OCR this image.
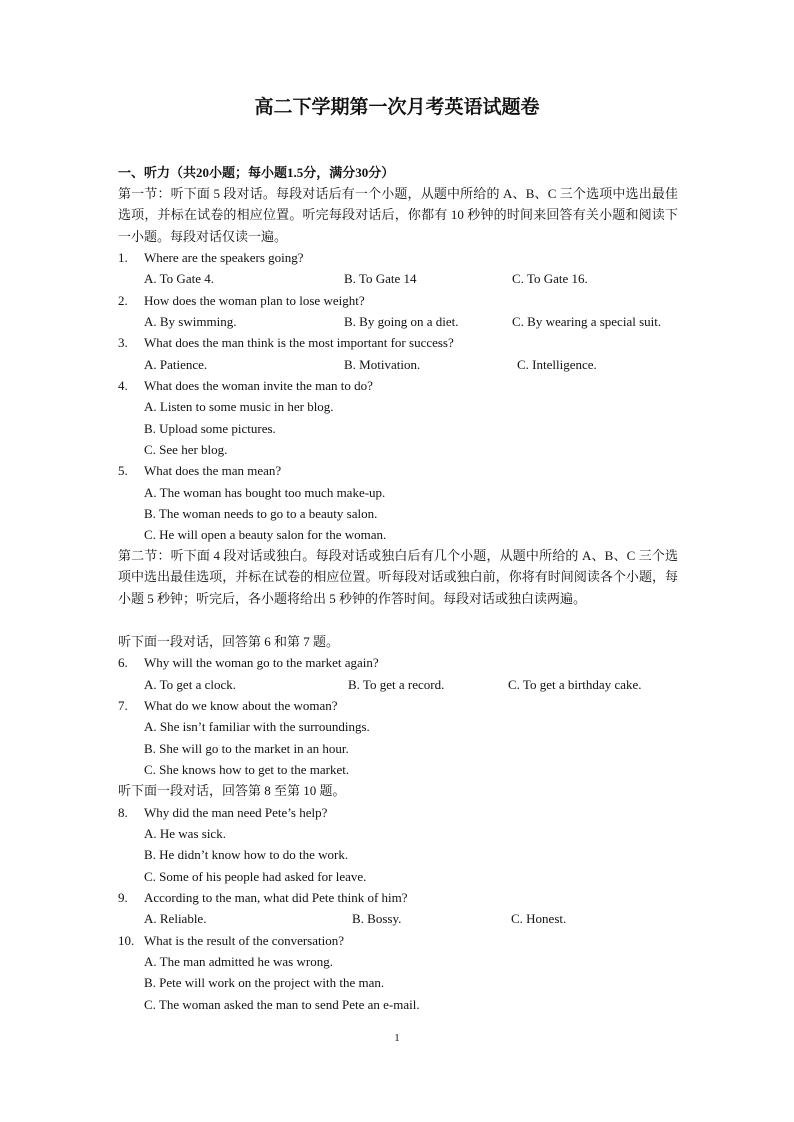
高二下学期第一次月考英语试题卷
一、听力（共20小题；每小题1.5分，满分30分）
第一节：听下面 5 段对话。每段对话后有一个小题，从题中所给的 A、B、C 三个选项中选出最佳选项，并标在试卷的相应位置。听完每段对话后，你都有 10 秒钟的时间来回答有关小题和阅读下一小题。每段对话仅读一遍。
1. Where are the speakers going?
A. To Gate 4.	B. To Gate 14	C. To Gate 16.
2. How does the woman plan to lose weight?
A. By swimming.	B. By going on a diet.	C. By wearing a special suit.
3. What does the man think is the most important for success?
A. Patience.	B. Motivation.	C. Intelligence.
4. What does the woman invite the man to do?
A. Listen to some music in her blog.
B. Upload some pictures.
C. See her blog.
5. What does the man mean?
A. The woman has bought too much make-up.
B. The woman needs to go to a beauty salon.
C. He will open a beauty salon for the woman.
第二节：听下面 4 段对话或独白。每段对话或独白后有几个小题，从题中所给的 A、B、C 三个选项中选出最佳选项，并标在试卷的相应位置。听每段对话或独白前，你将有时间阅读各个小题，每小题 5 秒钟；听完后，各小题将给出 5 秒钟的作答时间。每段对话或独白读两遍。
听下面一段对话，回答第 6 和第 7 题。
6. Why will the woman go to the market again?
A. To get a clock.	B. To get a record.	C. To get a birthday cake.
7. What do we know about the woman?
A. She isn’t familiar with the surroundings.
B. She will go to the market in an hour.
C. She knows how to get to the market.
听下面一段对话，回答第 8 至第 10 题。
8. Why did the man need Pete’s help?
A. He was sick.
B. He didn’t know how to do the work.
C. Some of his people had asked for leave.
9. According to the man, what did Pete think of him?
A. Reliable.	B. Bossy.	C. Honest.
10. What is the result of the conversation?
A. The man admitted he was wrong.
B. Pete will work on the project with the man.
C. The woman asked the man to send Pete an e-mail.
1
